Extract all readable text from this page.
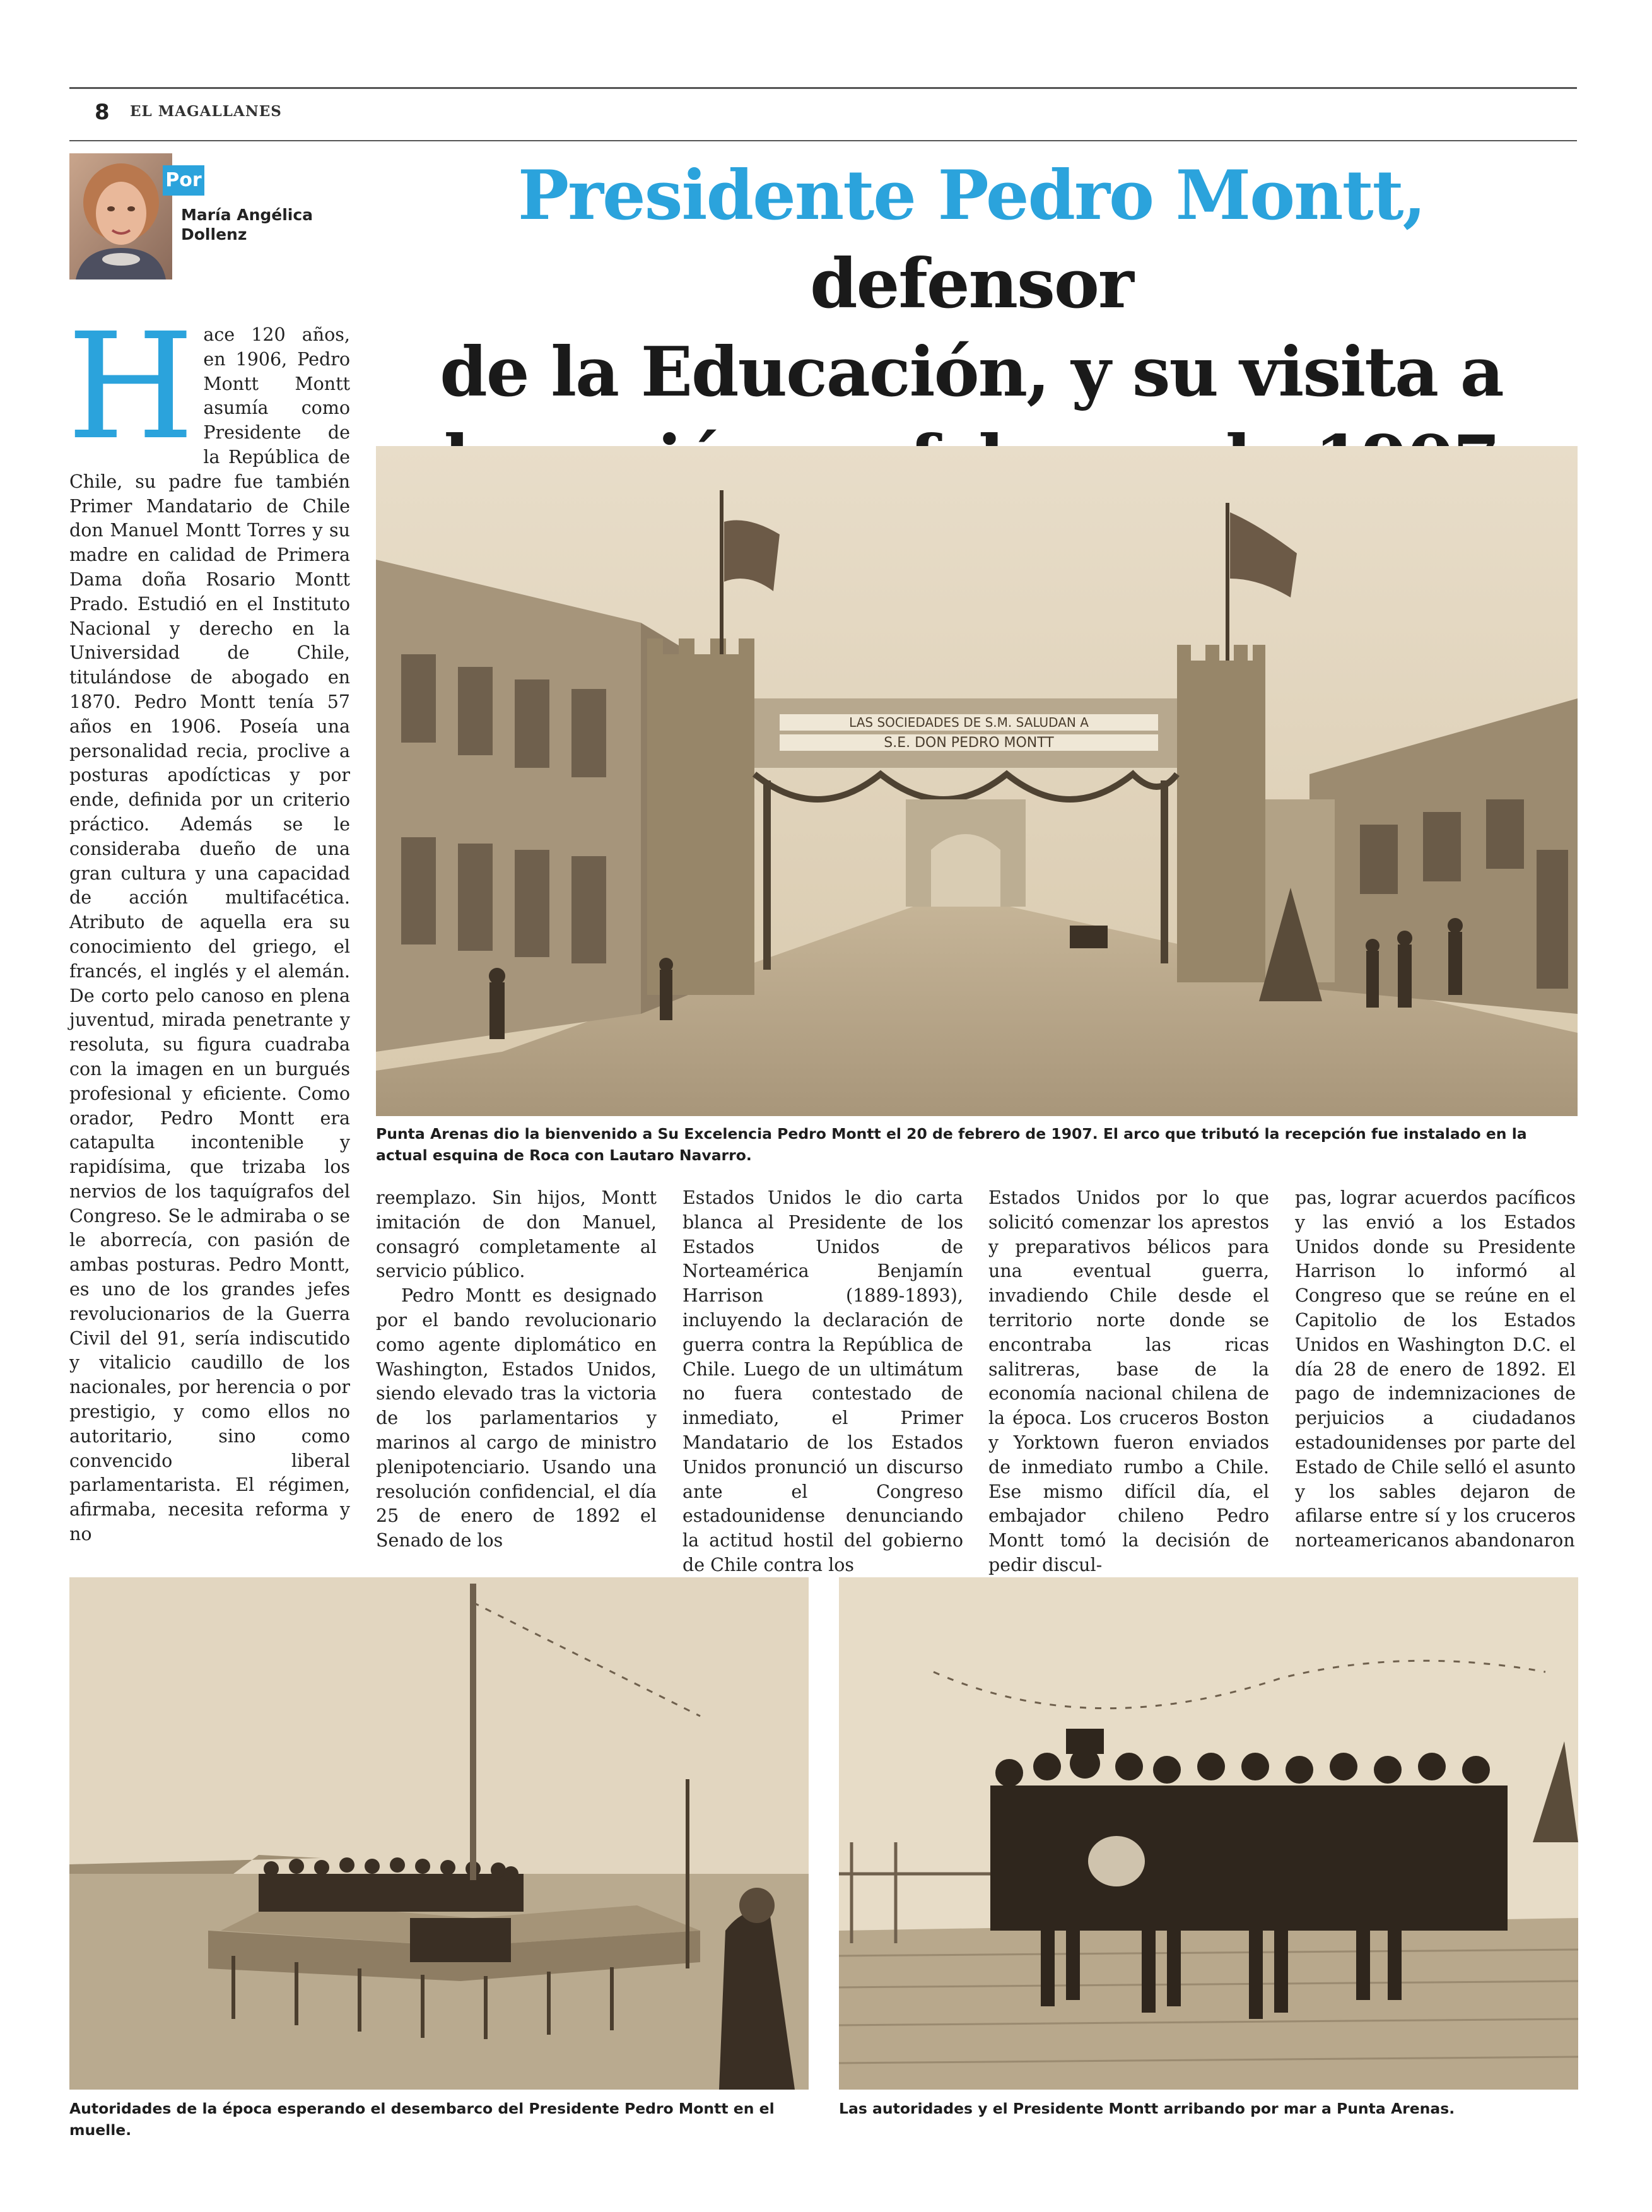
8 EL MAGALLANES
Por
María Angélica Dollenz	Presidente Pedro Montt, defensor
de la Educación, y su visita a
H ace 120 años, en 1906, Pedro Montt Montt asumía como Presidente de la República de Chile, su padre fue también Primer Mandatario de Chile don Manuel Montt Torres y su madre en calidad de Primera Dama doña Rosario Montt Prado. Estudió en el Instituto Nacional y derecho en la Universidad de Chile, titulándose de abogado en 1870. Pedro Montt tenía 57 años en 1906. Poseía una personalidad recia, proclive a posturas apodícticas y por ende, definida por un criterio práctico. Además se le consideraba dueño de una gran cultura y una capacidad de acción multifacética. Atributo de aquella era su conocimiento del griego, el francés, el inglés y el alemán. De corto pelo canoso en plena juventud, mirada penetrante y resoluta, su figura cuadraba con la imagen en un burgués profesional y eficiente. Como orador, Pedro Montt era catapulta incontenible y rapidísima, que trizaba los nervios de los taquígrafos del Congreso. Se le admiraba o se le aborrecía, con pasión de ambas posturas. Pedro Montt, es uno de los grandes jefes revolucionarios de la Guerra Civil del 91, sería indiscutido y vitalicio caudillo de los nacionales, por herencia o por prestigio, y como ellos no autoritario, sino como convencido liberal parlamentarista. El régimen, afirmaba, necesita reforma y no

LAS SOCIEDADES DE S.M. SALUDAN A
S.E. DON PEDRO MONTT
Punta Arenas dio la bienvenido a Su Excelencia Pedro Montt el 20 de febrero de 1907. El arco que tributó la recepción fue instalado en la actual esquina de Roca con Lautaro Navarro.

reemplazo. Sin hijos, Montt imitación de don Manuel, consagró completamente al servicio público.

Pedro Montt es designado por el bando revolucionario como agente diplomático en Washington, Estados Unidos, siendo elevado tras la victoria de los parlamentarios y marinos al cargo de ministro plenipotenciario. Usando una resolución confidencial, el día 25 de enero de 1892 el Senado de los

Estados Unidos le dio carta blanca al Presidente de los Estados Unidos de Norteamérica Benjamín Harrison (1889-1893), incluyendo la declaración de guerra contra la República de Chile. Luego de un ultimátum no fuera contestado de inmediato, el Primer Mandatario de los Estados Unidos pronunció un discurso ante el Congreso estadounidense denunciando la actitud hostil del gobierno de Chile contra los

Estados Unidos por lo que solicitó comenzar los aprestos y preparativos bélicos para una eventual guerra, invadiendo Chile desde el territorio norte donde se encontraba las ricas salitreras, base de la economía nacional chilena de la época. Los cruceros Boston y Yorktown fueron enviados de inmediato rumbo a Chile. Ese mismo difícil día, el embajador chileno Pedro Montt tomó la decisión de pedir discul-

pas, lograr acuerdos pacíficos y las envió a los Estados Unidos donde su Presidente Harrison lo informó al Congreso que se reúne en el Capitolio de los Estados Unidos en Washington D.C. el día 28 de enero de 1892. El pago de indemnizaciones de perjuicios a ciudadanos estadounidenses por parte del Estado de Chile selló el asunto y los sables dejaron de afilarse entre sí y los cruceros norteamericanos abandonaron

Autoridades de la época esperando el desembarco del Presidente Pedro Montt en el muelle.
Las autoridades y el Presidente Montt arribando por mar a Punta Arenas.
